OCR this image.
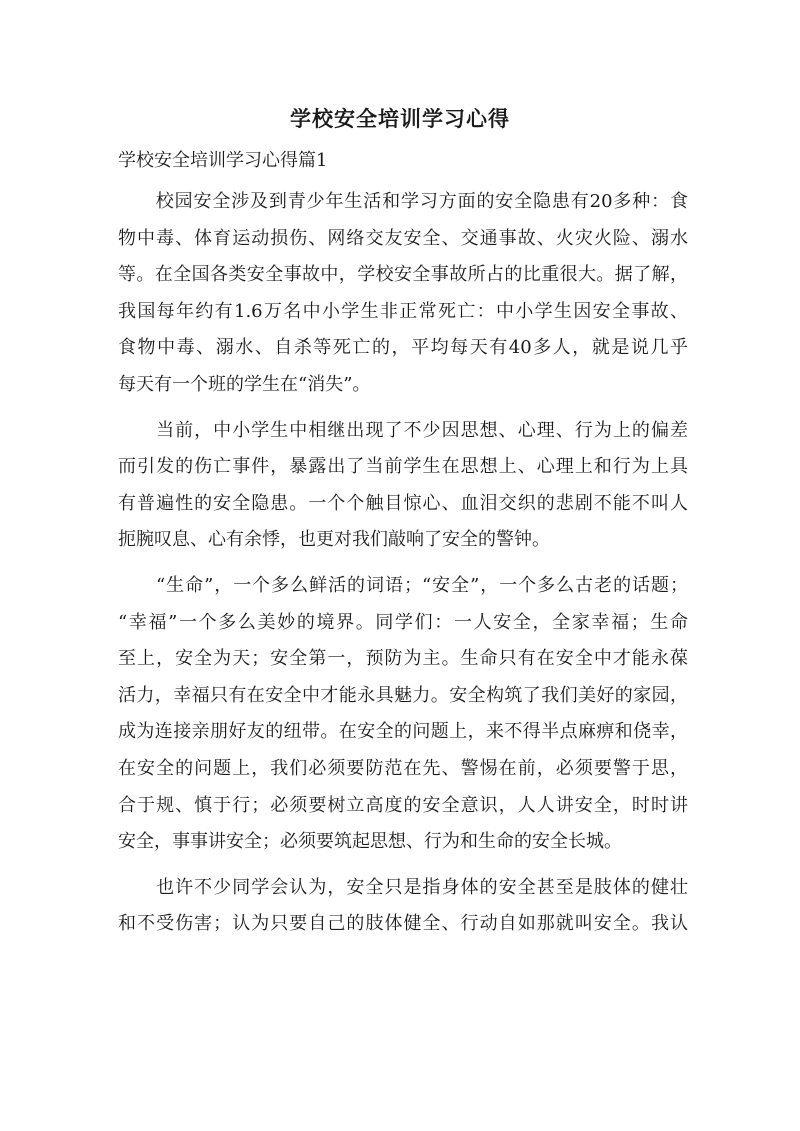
学校安全培训学习心得
学校安全培训学习心得篇1
　　校园安全涉及到青少年生活和学习方面的安全隐患有20多种：食
物中毒、体育运动损伤、网络交友安全、交通事故、火灾火险、溺水
等。在全国各类安全事故中，学校安全事故所占的比重很大。据了解，
我国每年约有1.6万名中小学生非正常死亡：中小学生因安全事故、
食物中毒、溺水、自杀等死亡的，平均每天有40多人，就是说几乎
每天有一个班的学生在“消失”。
　　当前，中小学生中相继出现了不少因思想、心理、行为上的偏差
而引发的伤亡事件，暴露出了当前学生在思想上、心理上和行为上具
有普遍性的安全隐患。一个个触目惊心、血泪交织的悲剧不能不叫人
扼腕叹息、心有余悸，也更对我们敲响了安全的警钟。
　　“生命”，一个多么鲜活的词语；“安全”，一个多么古老的话题；
“幸福”一个多么美妙的境界。同学们：一人安全，全家幸福；生命
至上，安全为天；安全第一，预防为主。生命只有在安全中才能永葆
活力，幸福只有在安全中才能永具魅力。安全构筑了我们美好的家园，
成为连接亲朋好友的纽带。在安全的问题上，来不得半点麻痹和侥幸，
在安全的问题上，我们必须要防范在先、警惕在前，必须要警于思，
合于规、慎于行；必须要树立高度的安全意识，人人讲安全，时时讲
安全，事事讲安全；必须要筑起思想、行为和生命的安全长城。
　　也许不少同学会认为，安全只是指身体的安全甚至是肢体的健壮
和不受伤害；认为只要自己的肢体健全、行动自如那就叫安全。我认
